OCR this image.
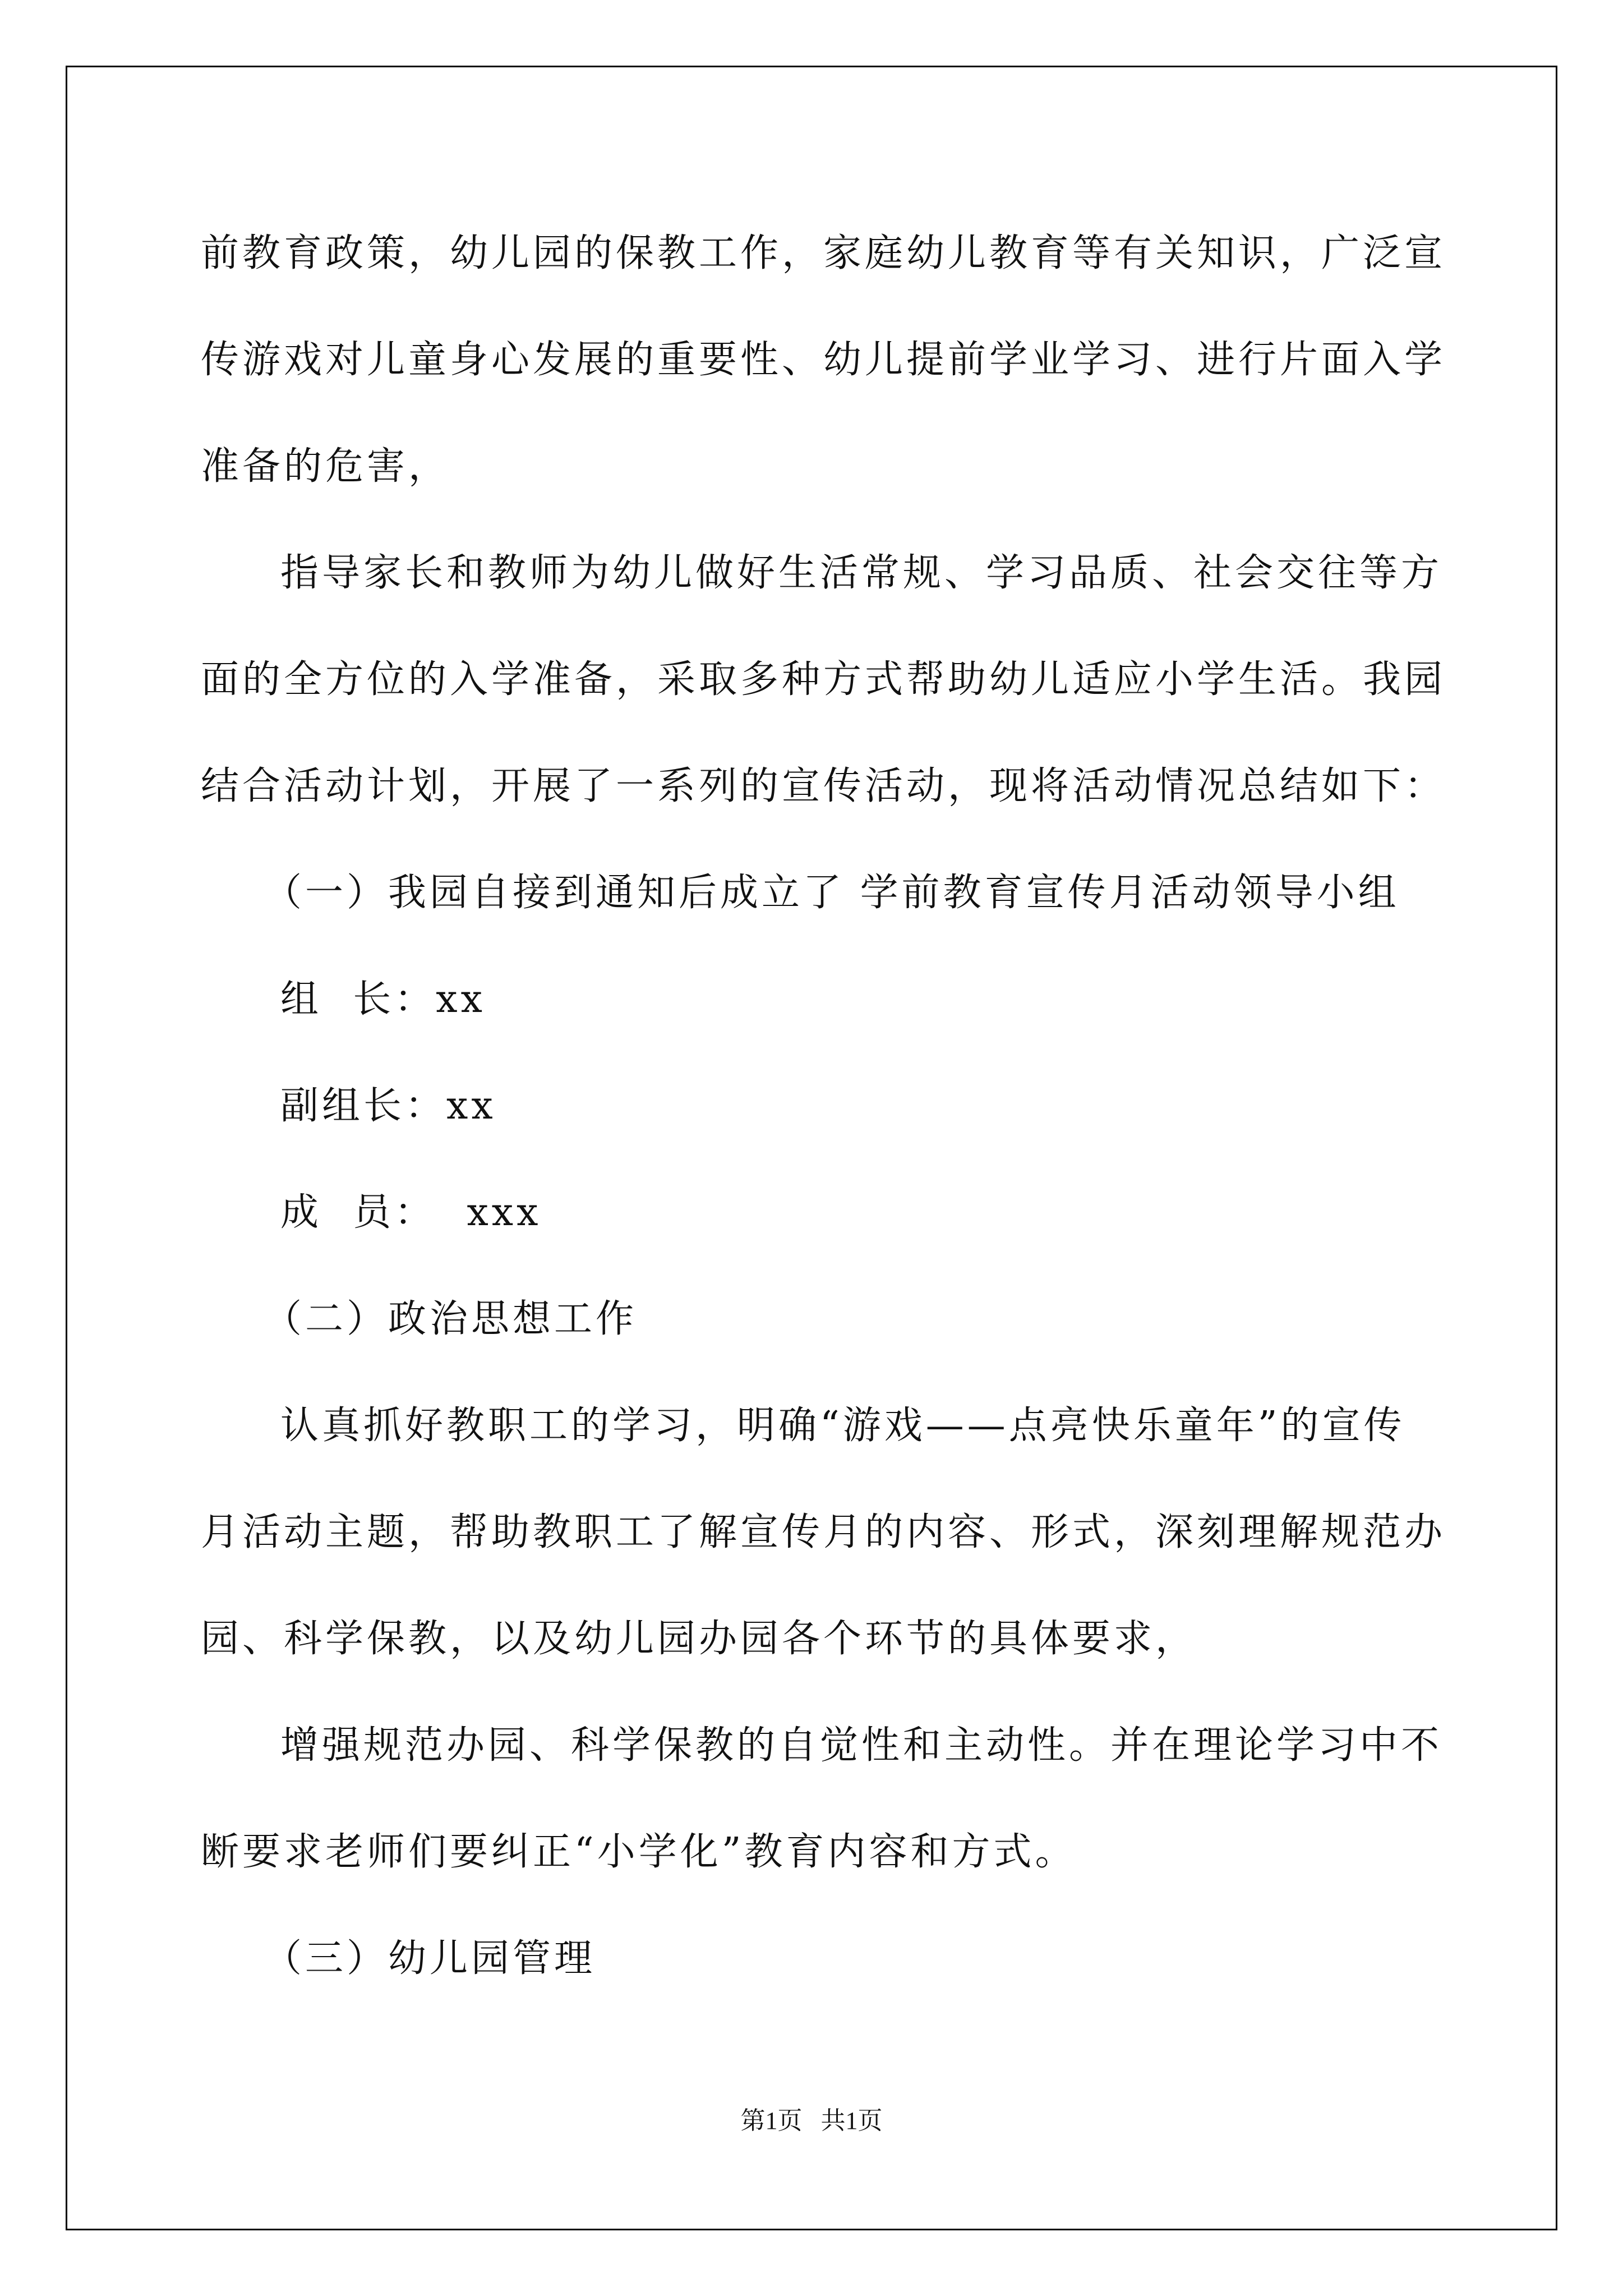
前教育政策，幼儿园的保教工作，家庭幼儿教育等有关知识，广泛宣
传游戏对儿童身心发展的重要性、幼儿提前学业学习、进行片面入学
准备的危害，
指导家长和教师为幼儿做好生活常规、学习品质、社会交往等方
面的全方位的入学准备，采取多种方式帮助幼儿适应小学生活。我园
结合活动计划，开展了一系列的宣传活动，现将活动情况总结如下：
（一）我园自接到通知后成立了 学前教育宣传月活动领导小组
组  长：xx
副组长：xx
成  员：  xxx
（二）政治思想工作
认真抓好教职工的学习，明确“游戏——点亮快乐童年”的宣传
月活动主题，帮助教职工了解宣传月的内容、形式，深刻理解规范办
园、科学保教，以及幼儿园办园各个环节的具体要求，
增强规范办园、科学保教的自觉性和主动性。并在理论学习中不
断要求老师们要纠正“小学化”教育内容和方式。
（三）幼儿园管理
第1页   共1页
